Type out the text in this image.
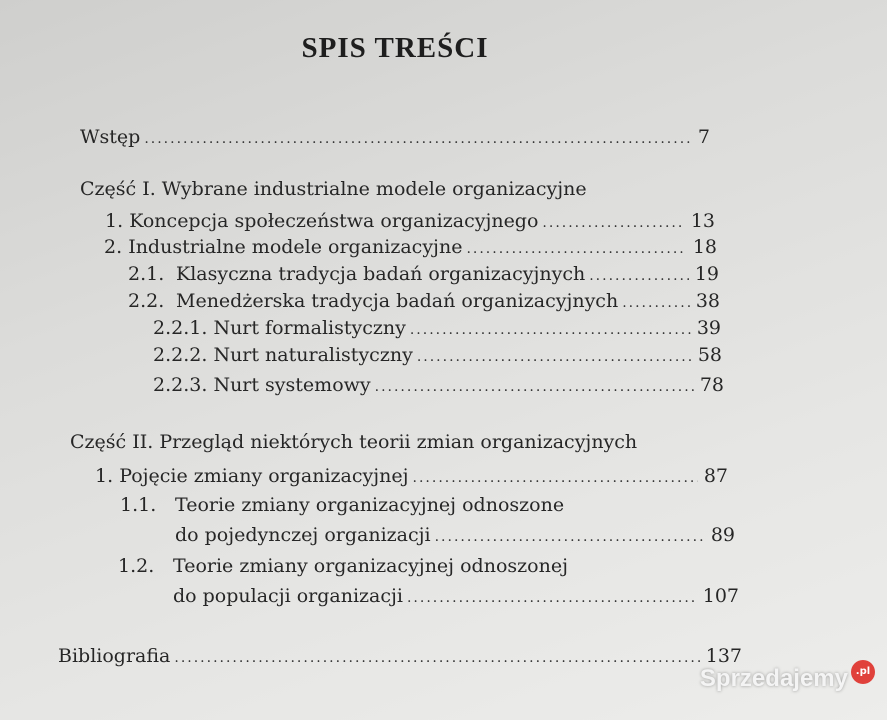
SPIS TREŚCI
Wstęp .....	7
Część I. Wybrane industrialne modele organizacyjne
1. Koncepcja społeczeństwa organizacyjnego .....	13
2. Industrialne modele organizacyjne .....	18
2.1. Klasyczna tradycja badań organizacyjnych .....	19
2.2. Menedżerska tradycja badań organizacyjnych .....	38
2.2.1. Nurt formalistyczny .....	39
2.2.2. Nurt naturalistyczny .....	58
2.2.3. Nurt systemowy .....	78
Część II. Przegląd niektórych teorii zmian organizacyjnych
1. Pojęcie zmiany organizacyjnej .....	87
1.1. Teorie zmiany organizacyjnej odnoszone
do pojedynczej organizacji .....	89
1.2. Teorie zmiany organizacyjnej odnoszonej
do populacji organizacji .....	107
Bibliografia .....	137
Sprzedajemy .pl
